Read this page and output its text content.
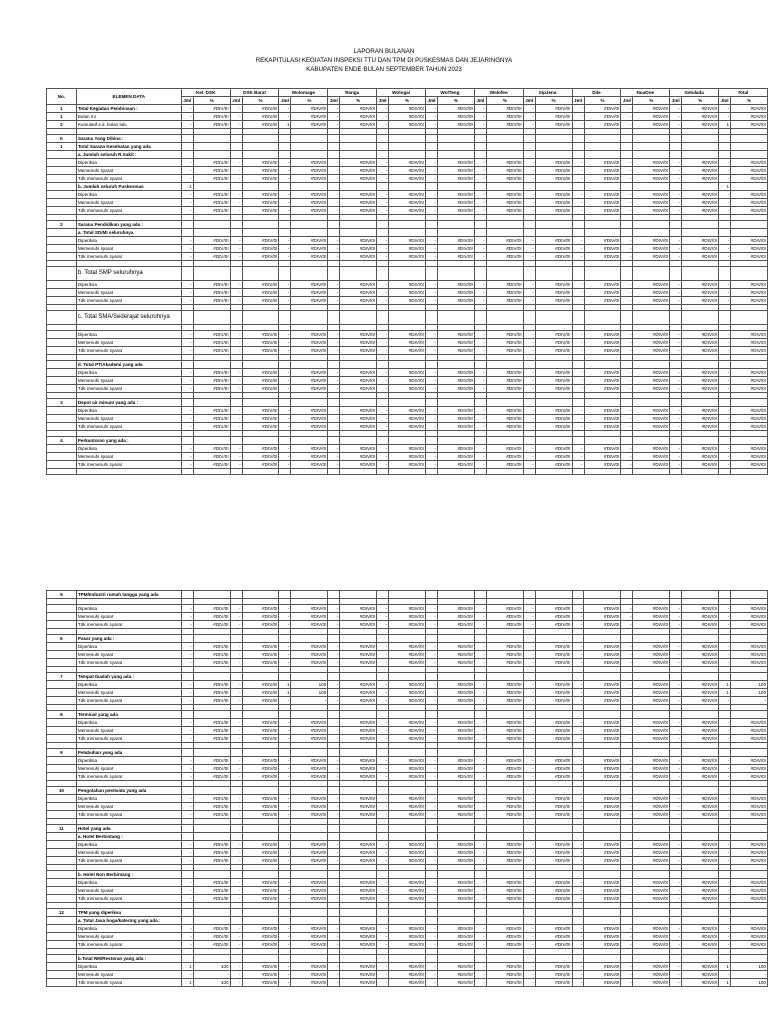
LAPORAN BULANAN
REKAPITULASI KEGIATAN INSPEKSI TTU DAN TPM DI PUSKESMAS DAN JEJARINGNYA
KABUPATEN ENDE BULAN SEPTEMBER TAHUN 2023
No.	ELEMEN DATA	Kel. DSK		DSK Barat		Wolomage		Ranga		Wologai		WolTeng		Wolofeo		SipJena		Dile		NuaOne		Gelulada		Total	
		Jml	%	Jml	%	Jml	%	Jml	%	Jml	%	Jml	%	Jml	%	Jml	%	Jml	%	Jml	%	Jml	%	Jml	%
1	Total Kegiatan Pembinaan :	-	#DIV/0!	-	#DIV/0!	-	#DIV/0!	-	#DIV/0!	-	#DIV/0!	-	#DIV/0!	-	#DIV/0!	-	#DIV/0!	-	#DIV/0!	-	#DIV/0!	-	#DIV/0!	-	#DIV/0!
1	Bulan Ini	-	#DIV/0!	-	#DIV/0!	-	#DIV/0!	-	#DIV/0!	-	#DIV/0!	-	#DIV/0!	-	#DIV/0!	-	#DIV/0!	-	#DIV/0!	-	#DIV/0!	-	#DIV/0!	-	#DIV/0!
2	Kumulatif s.d. bulan lalu	-	#DIV/0!	-	#DIV/0!	1	#DIV/0!	-	#DIV/0!	-	#DIV/0!	-	#DIV/0!	-	#DIV/0!	-	#DIV/0!	-	#DIV/0!	-	#DIV/0!	-	#DIV/0!	1	#DIV/0!

II	Sarana Yang Dibina :																								
1	Total Sarana Kesehatan yang ada																								
	a. Jumlah seluruh R.Sakit :																								
	Diperiksa	-	#DIV/0!	-	#DIV/0!	-	#DIV/0!	-	#DIV/0!	-	#DIV/0!	-	#DIV/0!	-	#DIV/0!	-	#DIV/0!	-	#DIV/0!	-	#DIV/0!	-	#DIV/0!	-	#DIV/0!
	Memenuhi syarat	-	#DIV/0!	-	#DIV/0!	-	#DIV/0!	-	#DIV/0!	-	#DIV/0!	-	#DIV/0!	-	#DIV/0!	-	#DIV/0!	-	#DIV/0!	-	#DIV/0!	-	#DIV/0!	-	#DIV/0!
	Tdk memenuhi syarat	-	#DIV/0!	-	#DIV/0!	-	#DIV/0!	-	#DIV/0!	-	#DIV/0!	-	#DIV/0!	-	#DIV/0!	-	#DIV/0!	-	#DIV/0!	-	#DIV/0!	-	#DIV/0!	-	#DIV/0!
	b. Jumlah seluruh Puskesmas	1																						1	
	Diperiksa	-	#DIV/0!	-	#DIV/0!	-	#DIV/0!	-	#DIV/0!	-	#DIV/0!	-	#DIV/0!	-	#DIV/0!	-	#DIV/0!	-	#DIV/0!	-	#DIV/0!	-	#DIV/0!	-	#DIV/0!
	Memenuhi syarat	-	#DIV/0!	-	#DIV/0!	-	#DIV/0!	-	#DIV/0!	-	#DIV/0!	-	#DIV/0!	-	#DIV/0!	-	#DIV/0!	-	#DIV/0!	-	#DIV/0!	-	#DIV/0!	-	#DIV/0!
	Tdk memenuhi syarat	-	#DIV/0!	-	#DIV/0!	-	#DIV/0!	-	#DIV/0!	-	#DIV/0!	-	#DIV/0!	-	#DIV/0!	-	#DIV/0!	-	#DIV/0!	-	#DIV/0!	-	#DIV/0!	-	#DIV/0!

2	Sarana Pendidikan yang ada :																								
	a. Total SD/MI seluruhnya																								
	Diperiksa	-	#DIV/0!	-	#DIV/0!	-	#DIV/0!	-	#DIV/0!	-	#DIV/0!	-	#DIV/0!	-	#DIV/0!	-	#DIV/0!	-	#DIV/0!	-	#DIV/0!	-	#DIV/0!	-	#DIV/0!
	Memenuhi syarat	-	#DIV/0!	-	#DIV/0!	-	#DIV/0!	-	#DIV/0!	-	#DIV/0!	-	#DIV/0!	-	#DIV/0!	-	#DIV/0!	-	#DIV/0!	-	#DIV/0!	-	#DIV/0!	-	#DIV/0!
	Tdk memenuhi syarat	-	#DIV/0!	-	#DIV/0!	-	#DIV/0!	-	#DIV/0!	-	#DIV/0!	-	#DIV/0!	-	#DIV/0!	-	#DIV/0!	-	#DIV/0!	-	#DIV/0!	-	#DIV/0!	-	#DIV/0!

	b. Total SMP seluruhnya																								
	Diperiksa	-	#DIV/0!	-	#DIV/0!	-	#DIV/0!	-	#DIV/0!	-	#DIV/0!	-	#DIV/0!	-	#DIV/0!	-	#DIV/0!	-	#DIV/0!	-	#DIV/0!	-	#DIV/0!	-	#DIV/0!
	Memenuhi syarat	-	#DIV/0!	-	#DIV/0!	-	#DIV/0!	-	#DIV/0!	-	#DIV/0!	-	#DIV/0!	-	#DIV/0!	-	#DIV/0!	-	#DIV/0!	-	#DIV/0!	-	#DIV/0!	-	#DIV/0!
	Tdk memenuhi syarat	-	#DIV/0!	-	#DIV/0!	-	#DIV/0!	-	#DIV/0!	-	#DIV/0!	-	#DIV/0!	-	#DIV/0!	-	#DIV/0!	-	#DIV/0!	-	#DIV/0!	-	#DIV/0!	-	#DIV/0!

	c. Total SMA/Sederajat seluruhnya																								

	Diperiksa	-	#DIV/0!	-	#DIV/0!	-	#DIV/0!	-	#DIV/0!	-	#DIV/0!	-	#DIV/0!	-	#DIV/0!	-	#DIV/0!	-	#DIV/0!	-	#DIV/0!	-	#DIV/0!	-	#DIV/0!
	Memenuhi syarat	-	#DIV/0!	-	#DIV/0!	-	#DIV/0!	-	#DIV/0!	-	#DIV/0!	-	#DIV/0!	-	#DIV/0!	-	#DIV/0!	-	#DIV/0!	-	#DIV/0!	-	#DIV/0!	-	#DIV/0!
	Tdk memenuhi syarat	-	#DIV/0!	-	#DIV/0!	-	#DIV/0!	-	#DIV/0!	-	#DIV/0!	-	#DIV/0!	-	#DIV/0!	-	#DIV/0!	-	#DIV/0!	-	#DIV/0!	-	#DIV/0!	-	#DIV/0!

	d. Total PT/Akademi yang ada																								
	Diperiksa	-	#DIV/0!	-	#DIV/0!	-	#DIV/0!	-	#DIV/0!	-	#DIV/0!	-	#DIV/0!	-	#DIV/0!	-	#DIV/0!	-	#DIV/0!	-	#DIV/0!	-	#DIV/0!	-	#DIV/0!
	Memenuhi syarat	-	#DIV/0!	-	#DIV/0!	-	#DIV/0!	-	#DIV/0!	-	#DIV/0!	-	#DIV/0!	-	#DIV/0!	-	#DIV/0!	-	#DIV/0!	-	#DIV/0!	-	#DIV/0!	-	#DIV/0!
	Tdk memenuhi syarat	-	#DIV/0!	-	#DIV/0!	-	#DIV/0!	-	#DIV/0!	-	#DIV/0!	-	#DIV/0!	-	#DIV/0!	-	#DIV/0!	-	#DIV/0!	-	#DIV/0!	-	#DIV/0!	-	#DIV/0!

3	Depot air minum yang ada :																								
	Diperiksa	-	#DIV/0!	-	#DIV/0!	-	#DIV/0!	-	#DIV/0!	-	#DIV/0!	-	#DIV/0!	-	#DIV/0!	-	#DIV/0!	-	#DIV/0!	-	#DIV/0!	-	#DIV/0!	-	#DIV/0!
	Memenuhi syarat	-	#DIV/0!	-	#DIV/0!	-	#DIV/0!	-	#DIV/0!	-	#DIV/0!	-	#DIV/0!	-	#DIV/0!	-	#DIV/0!	-	#DIV/0!	-	#DIV/0!	-	#DIV/0!	-	#DIV/0!
	Tdk memenuhi syarat	-	#DIV/0!	-	#DIV/0!	-	#DIV/0!	-	#DIV/0!	-	#DIV/0!	-	#DIV/0!	-	#DIV/0!	-	#DIV/0!	-	#DIV/0!	-	#DIV/0!	-	#DIV/0!	-	#DIV/0!

4	Perkantoran yang ada :																								
	Diperiksa	-	#DIV/0!	-	#DIV/0!	-	#DIV/0!	-	#DIV/0!	-	#DIV/0!	-	#DIV/0!	-	#DIV/0!	-	#DIV/0!	-	#DIV/0!	-	#DIV/0!	-	#DIV/0!	-	#DIV/0!
	Memenuhi syarat	-	#DIV/0!	-	#DIV/0!	-	#DIV/0!	-	#DIV/0!	-	#DIV/0!	-	#DIV/0!	-	#DIV/0!	-	#DIV/0!	-	#DIV/0!	-	#DIV/0!	-	#DIV/0!	-	#DIV/0!
	Tdk memenuhi syarat	-	#DIV/0!	-	#DIV/0!	-	#DIV/0!	-	#DIV/0!	-	#DIV/0!	-	#DIV/0!	-	#DIV/0!	-	#DIV/0!	-	#DIV/0!	-	#DIV/0!	-	#DIV/0!	-	#DIV/0!

5	TPM/Industri rumah tangga yang ada																								

	Diperiksa	-	#DIV/0!	-	#DIV/0!	-	#DIV/0!	-	#DIV/0!	-	#DIV/0!	-	#DIV/0!	-	#DIV/0!	-	#DIV/0!	-	#DIV/0!	-	#DIV/0!	-	#DIV/0!	-	#DIV/0!
	Memenuhi syarat	-	#DIV/0!	-	#DIV/0!	-	#DIV/0!	-	#DIV/0!	-	#DIV/0!	-	#DIV/0!	-	#DIV/0!	-	#DIV/0!	-	#DIV/0!	-	#DIV/0!	-	#DIV/0!	-	#DIV/0!
	Tdk memenuhi syarat	-	#DIV/0!	-	#DIV/0!	-	#DIV/0!	-	#DIV/0!	-	#DIV/0!	-	#DIV/0!	-	#DIV/0!	-	#DIV/0!	-	#DIV/0!	-	#DIV/0!	-	#DIV/0!	-	#DIV/0!

6	Pasar yang ada :																								
	Diperiksa	-	#DIV/0!	-	#DIV/0!	-	#DIV/0!	-	#DIV/0!	-	#DIV/0!	-	#DIV/0!	-	#DIV/0!	-	#DIV/0!	-	#DIV/0!	-	#DIV/0!	-	#DIV/0!	-	#DIV/0!
	Memenuhi syarat	-	#DIV/0!	-	#DIV/0!	-	#DIV/0!	-	#DIV/0!	-	#DIV/0!	-	#DIV/0!	-	#DIV/0!	-	#DIV/0!	-	#DIV/0!	-	#DIV/0!	-	#DIV/0!	-	#DIV/0!
	Tdk memenuhi syarat	-	#DIV/0!	-	#DIV/0!	-	#DIV/0!	-	#DIV/0!	-	#DIV/0!	-	#DIV/0!	-	#DIV/0!	-	#DIV/0!	-	#DIV/0!	-	#DIV/0!	-	#DIV/0!	-	#DIV/0!

7	Tempat Ibadah yang ada :																								
	Diperiksa	-	#DIV/0!	-	#DIV/0!	1	100	-	#DIV/0!	-	#DIV/0!	-	#DIV/0!	-	#DIV/0!	-	#DIV/0!	-	#DIV/0!	-	#DIV/0!	-	#DIV/0!	1	100
	Memenuhi syarat	-	#DIV/0!	-	#DIV/0!	1	100	-	#DIV/0!	-	#DIV/0!	-	#DIV/0!	-	#DIV/0!	-	#DIV/0!	-	#DIV/0!	-	#DIV/0!	-	#DIV/0!	1	100
	Tdk memenuhi syarat	-	#DIV/0!	-	#DIV/0!	-	-	-	#DIV/0!	-	#DIV/0!	-	#DIV/0!	-	#DIV/0!	-	#DIV/0!	-	#DIV/0!	-	#DIV/0!	-	#DIV/0!	-	-

8	Terminal yang ada																								
	Diperiksa	-	#DIV/0!	-	#DIV/0!	-	#DIV/0!	-	#DIV/0!	-	#DIV/0!	-	#DIV/0!	-	#DIV/0!	-	#DIV/0!	-	#DIV/0!	-	#DIV/0!	-	#DIV/0!	-	#DIV/0!
	Memenuhi syarat	-	#DIV/0!	-	#DIV/0!	-	#DIV/0!	-	#DIV/0!	-	#DIV/0!	-	#DIV/0!	-	#DIV/0!	-	#DIV/0!	-	#DIV/0!	-	#DIV/0!	-	#DIV/0!	-	#DIV/0!
	Tdk memenuhi syarat	-	#DIV/0!	-	#DIV/0!	-	#DIV/0!	-	#DIV/0!	-	#DIV/0!	-	#DIV/0!	-	#DIV/0!	-	#DIV/0!	-	#DIV/0!	-	#DIV/0!	-	#DIV/0!	-	#DIV/0!

9	Pelabuhan yang ada																								
	Diperiksa	-	#DIV/0!	-	#DIV/0!	-	#DIV/0!	-	#DIV/0!	-	#DIV/0!	-	#DIV/0!	-	#DIV/0!	-	#DIV/0!	-	#DIV/0!	-	#DIV/0!	-	#DIV/0!	-	#DIV/0!
	Memenuhi syarat	-	#DIV/0!	-	#DIV/0!	-	#DIV/0!	-	#DIV/0!	-	#DIV/0!	-	#DIV/0!	-	#DIV/0!	-	#DIV/0!	-	#DIV/0!	-	#DIV/0!	-	#DIV/0!	-	#DIV/0!
	Tdk memenuhi syarat	-	#DIV/0!	-	#DIV/0!	-	#DIV/0!	-	#DIV/0!	-	#DIV/0!	-	#DIV/0!	-	#DIV/0!	-	#DIV/0!	-	#DIV/0!	-	#DIV/0!	-	#DIV/0!	-	#DIV/0!

10	Pengolahan pestisida yang ada																								
	Diperiksa	-	#DIV/0!	-	#DIV/0!	-	#DIV/0!	-	#DIV/0!	-	#DIV/0!	-	#DIV/0!	-	#DIV/0!	-	#DIV/0!	-	#DIV/0!	-	#DIV/0!	-	#DIV/0!	-	#DIV/0!
	Memenuhi syarat	-	#DIV/0!	-	#DIV/0!	-	#DIV/0!	-	#DIV/0!	-	#DIV/0!	-	#DIV/0!	-	#DIV/0!	-	#DIV/0!	-	#DIV/0!	-	#DIV/0!	-	#DIV/0!	-	#DIV/0!
	Tdk memenuhi syarat	-	#DIV/0!	-	#DIV/0!	-	#DIV/0!	-	#DIV/0!	-	#DIV/0!	-	#DIV/0!	-	#DIV/0!	-	#DIV/0!	-	#DIV/0!	-	#DIV/0!	-	#DIV/0!	-	#DIV/0!

11	Hotel yang ada																								
	a. Hotel Berbintang :																								
	Diperiksa	-	#DIV/0!	-	#DIV/0!	-	#DIV/0!	-	#DIV/0!	-	#DIV/0!	-	#DIV/0!	-	#DIV/0!	-	#DIV/0!	-	#DIV/0!	-	#DIV/0!	-	#DIV/0!	-	#DIV/0!
	Memenuhi syarat	-	#DIV/0!	-	#DIV/0!	-	#DIV/0!	-	#DIV/0!	-	#DIV/0!	-	#DIV/0!	-	#DIV/0!	-	#DIV/0!	-	#DIV/0!	-	#DIV/0!	-	#DIV/0!	-	#DIV/0!
	Tdk memenuhi syarat	-	#DIV/0!	-	#DIV/0!	-	#DIV/0!	-	#DIV/0!	-	#DIV/0!	-	#DIV/0!	-	#DIV/0!	-	#DIV/0!	-	#DIV/0!	-	#DIV/0!	-	#DIV/0!	-	#DIV/0!

	b. Hotel Non Berbintang :																								
	Diperiksa	-	#DIV/0!	-	#DIV/0!	-	#DIV/0!	-	#DIV/0!	-	#DIV/0!	-	#DIV/0!	-	#DIV/0!	-	#DIV/0!	-	#DIV/0!	-	#DIV/0!	-	#DIV/0!	-	#DIV/0!
	Memenuhi syarat	-	#DIV/0!	-	#DIV/0!	-	#DIV/0!	-	#DIV/0!	-	#DIV/0!	-	#DIV/0!	-	#DIV/0!	-	#DIV/0!	-	#DIV/0!	-	#DIV/0!	-	#DIV/0!	-	#DIV/0!
	Tdk memenuhi syarat	-	#DIV/0!	-	#DIV/0!	-	#DIV/0!	-	#DIV/0!	-	#DIV/0!	-	#DIV/0!	-	#DIV/0!	-	#DIV/0!	-	#DIV/0!	-	#DIV/0!	-	#DIV/0!	-	#DIV/0!

12	TPM yang diperiksa																								
	a. Total Jasa boga/katering yang ada :																								
	Diperiksa	-	#DIV/0!	-	#DIV/0!	-	#DIV/0!	-	#DIV/0!	-	#DIV/0!	-	#DIV/0!	-	#DIV/0!	-	#DIV/0!	-	#DIV/0!	-	#DIV/0!	-	#DIV/0!	-	#DIV/0!
	Memenuhi syarat	-	#DIV/0!	-	#DIV/0!	-	#DIV/0!	-	#DIV/0!	-	#DIV/0!	-	#DIV/0!	-	#DIV/0!	-	#DIV/0!	-	#DIV/0!	-	#DIV/0!	-	#DIV/0!	-	#DIV/0!
	Tdk memenuhi syarat	-	#DIV/0!	-	#DIV/0!	-	#DIV/0!	-	#DIV/0!	-	#DIV/0!	-	#DIV/0!	-	#DIV/0!	-	#DIV/0!	-	#DIV/0!	-	#DIV/0!	-	#DIV/0!	-	#DIV/0!

	b.Total RM/Restoran yang ada :																								
	Diperiksa	1	100	-	#DIV/0!	-	#DIV/0!	-	#DIV/0!	-	#DIV/0!	-	#DIV/0!	-	#DIV/0!	-	#DIV/0!	-	#DIV/0!	-	#DIV/0!	-	#DIV/0!	1	100
	Memenuhi syarat	-	-	-	#DIV/0!	-	#DIV/0!	-	#DIV/0!	-	#DIV/0!	-	#DIV/0!	-	#DIV/0!	-	#DIV/0!	-	#DIV/0!	-	#DIV/0!	-	#DIV/0!	-	-
	Tdk memenuhi syarat	1	100	-	#DIV/0!	-	#DIV/0!	-	#DIV/0!	-	#DIV/0!	-	#DIV/0!	-	#DIV/0!	-	#DIV/0!	-	#DIV/0!	-	#DIV/0!	-	#DIV/0!	1	100
